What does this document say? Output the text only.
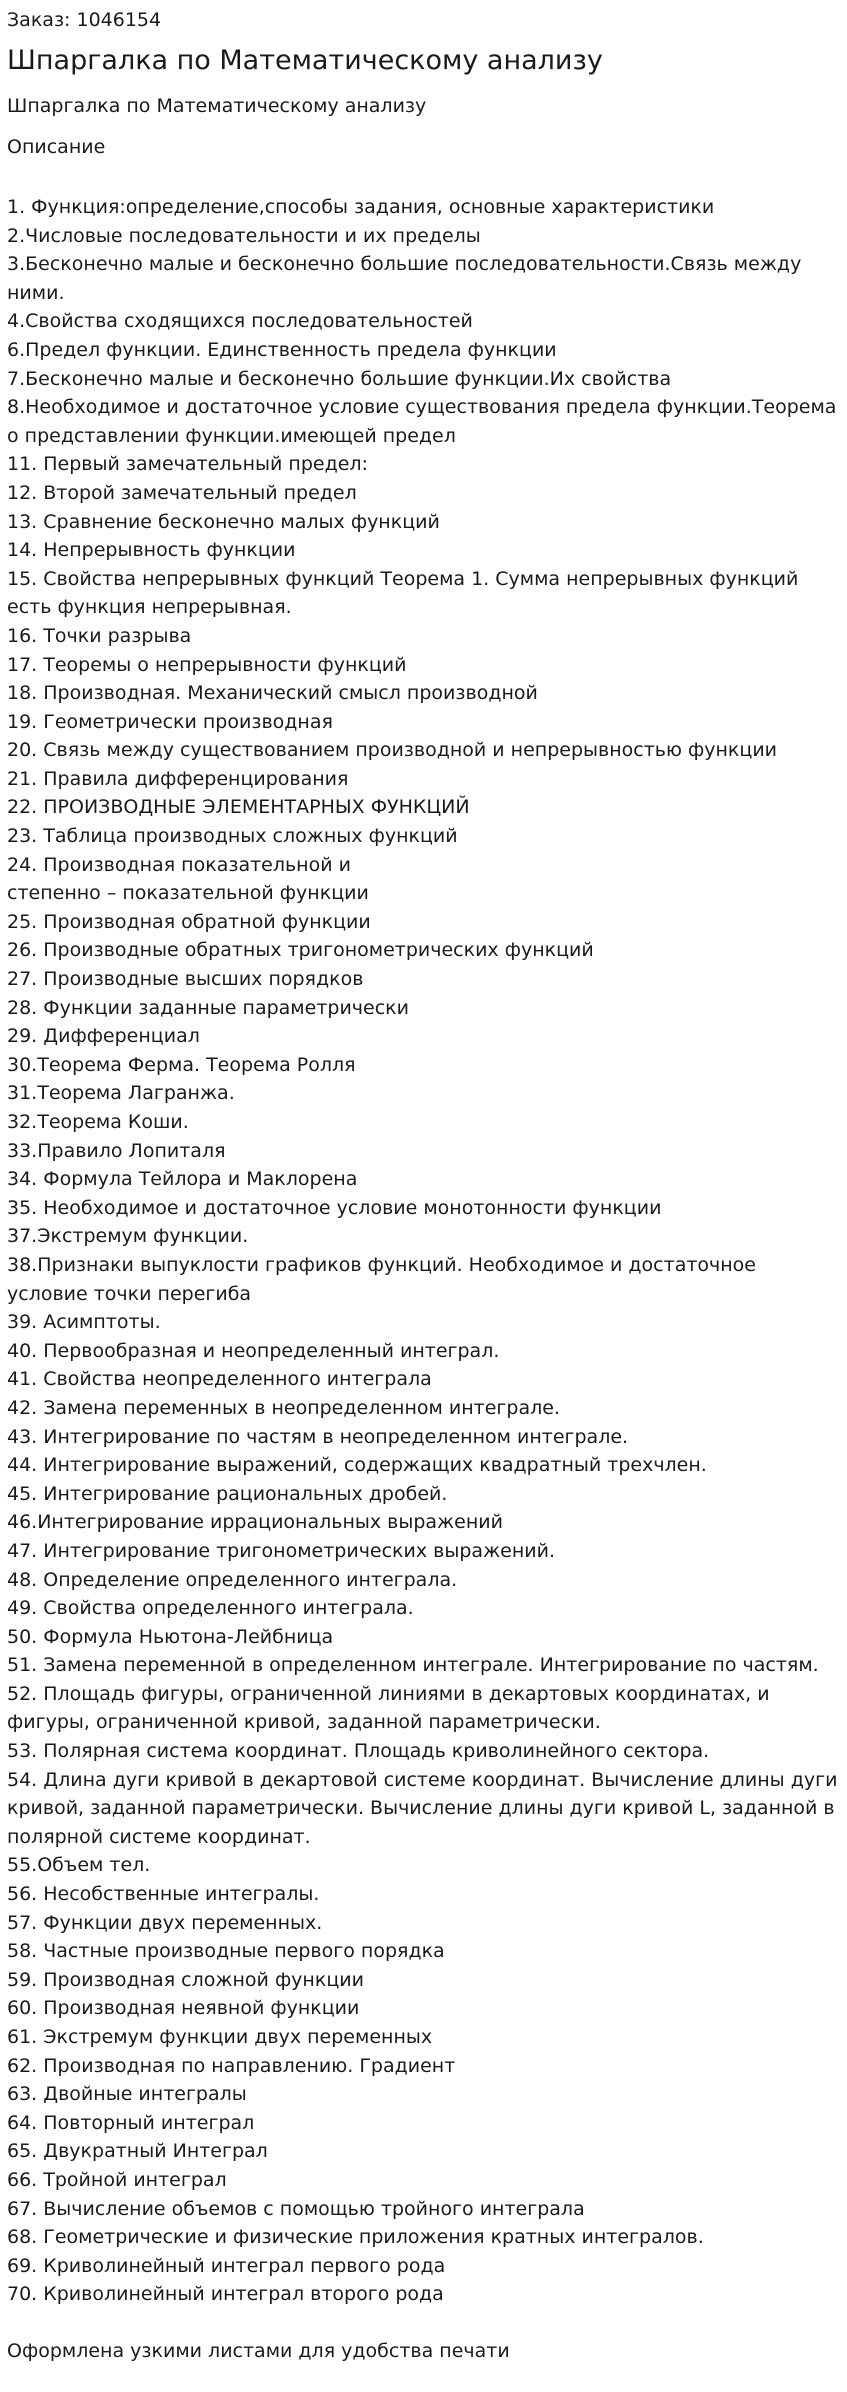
Заказ: 1046154
Шпаргалка по Математическому анализу
Шпаргалка по Математическому анализу
Описание
1. Функция:определение,способы задания, основные характеристики
2.Числовые последовательности и их пределы
3.Бесконечно малые и бесконечно большие последовательности.Связь между ними.
4.Свойства сходящихся последовательностей
6.Предел функции. Единственность предела функции
7.Бесконечно малые и бесконечно большие функции.Их свойства
8.Необходимое и достаточное условие существования предела функции.Теорема о представлении функции.имеющей предел
11. Первый замечательный предел:
12. Второй замечательный предел
13. Сравнение бесконечно малых функций
14. Непрерывность функции
15. Свойства непрерывных функций Теорема 1. Сумма непрерывных функций есть функция непрерывная.
16. Точки разрыва
17. Теоремы о непрерывности функций
18. Производная. Механический смысл производной
19. Геометрически производная
20. Связь между существованием производной и непрерывностью функции
21. Правила дифференцирования
22. ПРОИЗВОДНЫЕ ЭЛЕМЕНТАРНЫХ ФУНКЦИЙ
23. Таблица производных сложных функций
24. Производная показательной и
степенно – показательной функции
25. Производная обратной функции
26. Производные обратных тригонометрических функций
27. Производные высших порядков
28. Функции заданные параметрически
29. Дифференциал
30.Теорема Ферма. Теорема Ролля
31.Теорема Лагранжа.
32.Теорема Коши.
33.Правило Лопиталя
34. Формула Тейлора и Маклорена
35. Необходимое и достаточное условие монотонности функции
37.Экстремум функции.
38.Признаки выпуклости графиков функций. Необходимое и достаточное условие точки перегиба
39. Асимптоты.
40. Первообразная и неопределенный интеграл.
41. Свойства неопределенного интеграла
42. Замена переменных в неопределенном интеграле.
43. Интегрирование по частям в неопределенном интеграле.
44. Интегрирование выражений, содержащих квадратный трехчлен.
45. Интегрирование рациональных дробей.
46.Интегрирование иррациональных выражений
47. Интегрирование тригонометрических выражений.
48. Определение определенного интеграла.
49. Свойства определенного интеграла.
50. Формула Ньютона-Лейбница
51. Замена переменной в определенном интеграле. Интегрирование по частям.
52. Площадь фигуры, ограниченной линиями в декартовых координатах, и фигуры, ограниченной кривой, заданной параметрически.
53. Полярная система координат. Площадь криволинейного сектора.
54. Длина дуги кривой в декартовой системе координат. Вычисление длины дуги кривой, заданной параметрически. Вычисление длины дуги кривой L, заданной в полярной системе координат.
55.Объем тел.
56. Несобственные интегралы.
57. Функции двух переменных.
58. Частные производные первого порядка
59. Производная сложной функции
60. Производная неявной функции
61. Экстремум функции двух переменных
62. Производная по направлению. Градиент
63. Двойные интегралы
64. Повторный интеграл
65. Двукратный Интеграл
66. Тройной интеграл
67. Вычисление объемов с помощью тройного интеграла
68. Геометрические и физические приложения кратных интегралов.
69. Криволинейный интеграл первого рода
70. Криволинейный интеграл второго рода
Оформлена узкими листами для удобства печати
